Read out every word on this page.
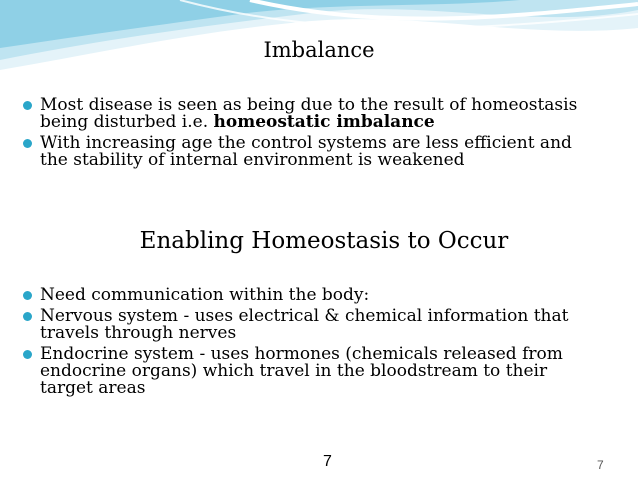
Imbalance
Most disease is seen as being due to the result of homeostasis being disturbed i.e. homeostatic imbalance
With increasing age the control systems are less efficient and the stability of internal environment is weakened
Enabling Homeostasis to Occur
Need communication within the body:
Nervous system - uses electrical & chemical information that travels through nerves
Endocrine system - uses hormones (chemicals released from endocrine organs) which travel in the bloodstream to their target areas
7	7
